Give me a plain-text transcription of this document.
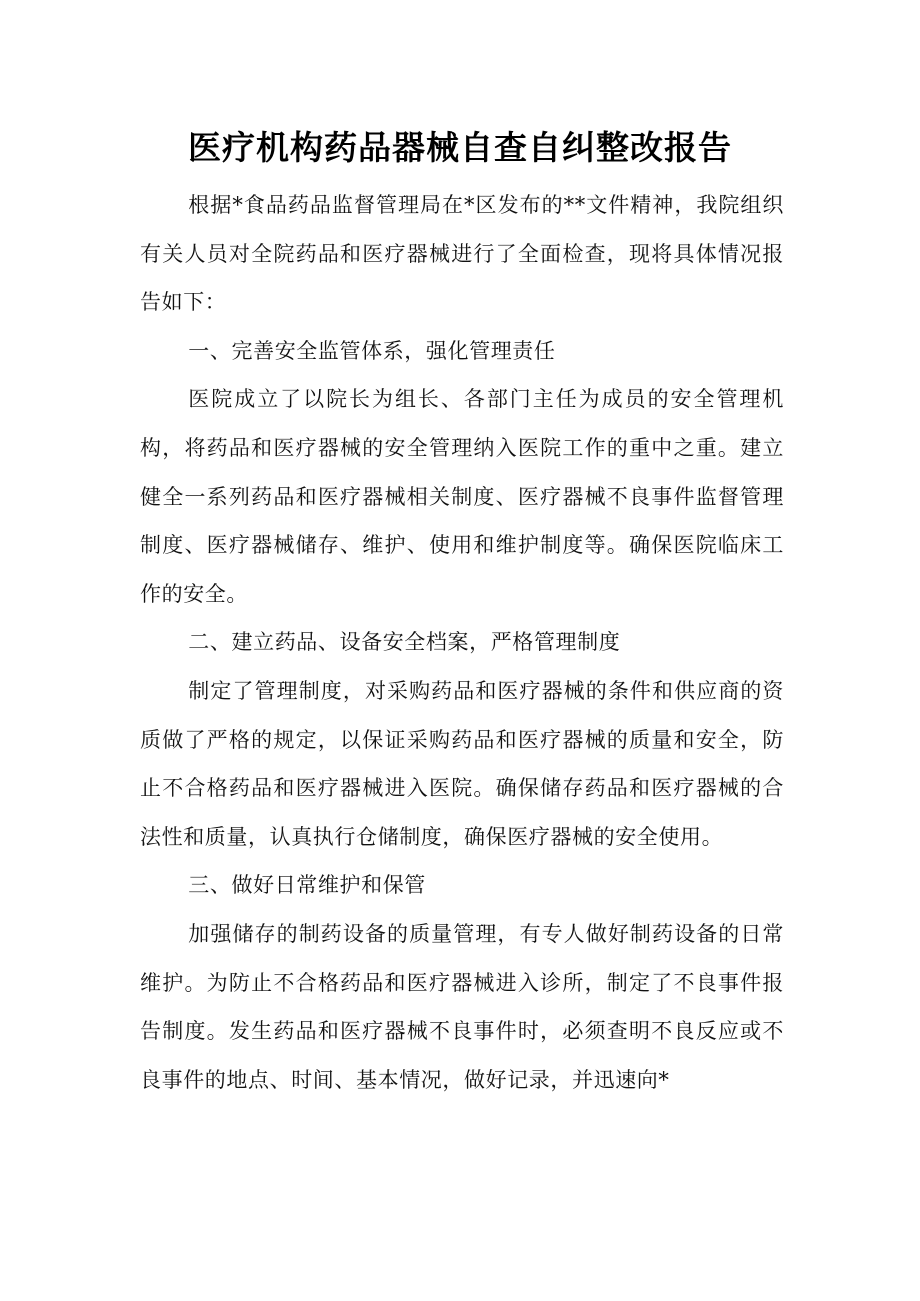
医疗机构药品器械自查自纠整改报告

根据*食品药品监督管理局在*区发布的**文件精神，我院组织有关人员对全院药品和医疗器械进行了全面检查，现将具体情况报告如下：

一、完善安全监管体系，强化管理责任

医院成立了以院长为组长、各部门主任为成员的安全管理机构，将药品和医疗器械的安全管理纳入医院工作的重中之重。建立健全一系列药品和医疗器械相关制度、医疗器械不良事件监督管理制度、医疗器械储存、维护、使用和维护制度等。确保医院临床工作的安全。

二、建立药品、设备安全档案，严格管理制度

制定了管理制度，对采购药品和医疗器械的条件和供应商的资质做了严格的规定，以保证采购药品和医疗器械的质量和安全，防止不合格药品和医疗器械进入医院。确保储存药品和医疗器械的合法性和质量，认真执行仓储制度，确保医疗器械的安全使用。

三、做好日常维护和保管

加强储存的制药设备的质量管理，有专人做好制药设备的日常维护。为防止不合格药品和医疗器械进入诊所，制定了不良事件报告制度。发生药品和医疗器械不良事件时，必须查明不良反应或不良事件的地点、时间、基本情况，做好记录，并迅速向*
